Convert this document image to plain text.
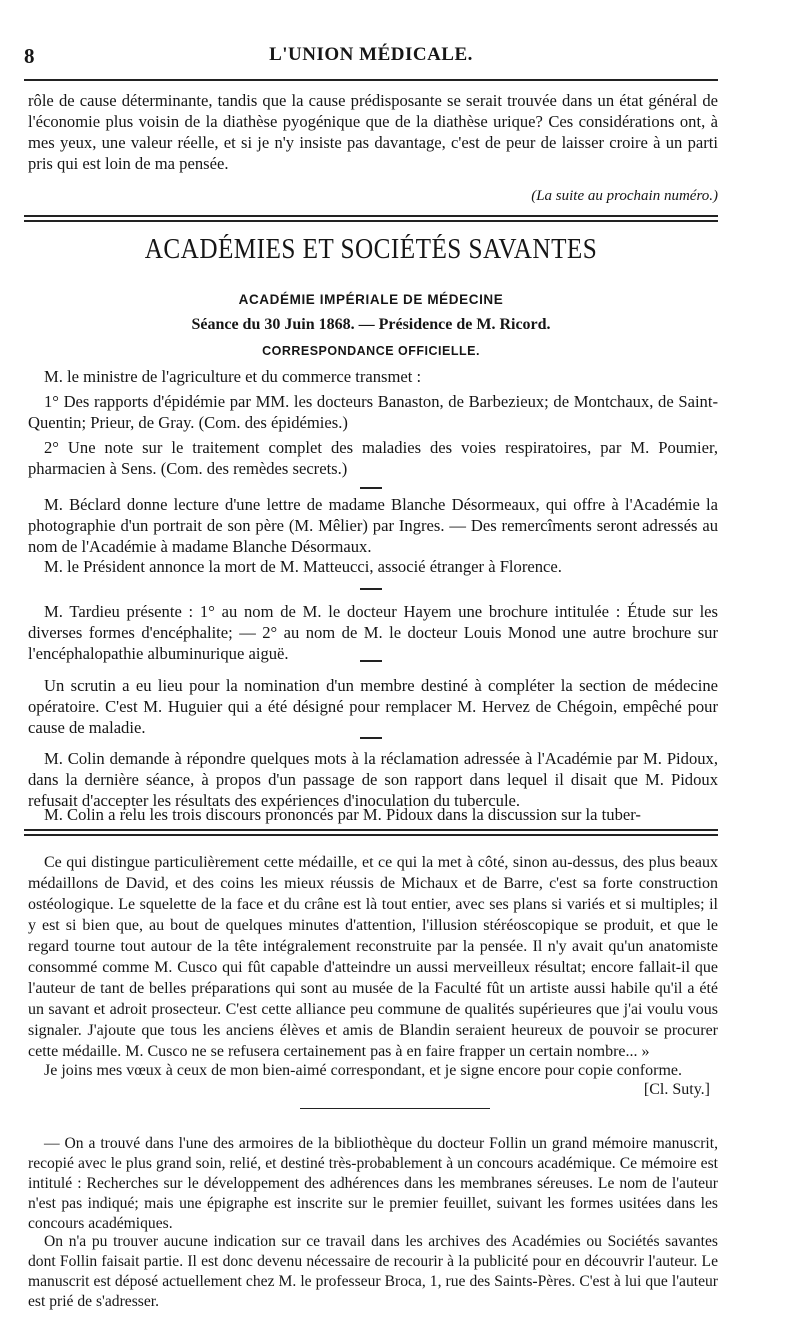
8	L'UNION MÉDICALE.

rôle de cause déterminante, tandis que la cause prédisposante se serait trouvée dans un état général de l'économie plus voisin de la diathèse pyogénique que de la diathèse urique? Ces considérations ont, à mes yeux, une valeur réelle, et si je n'y insiste pas davantage, c'est de peur de laisser croire à un parti pris qui est loin de ma pensée.

(La suite au prochain numéro.)
ACADÉMIES ET SOCIÉTÉS SAVANTES
ACADÉMIE IMPÉRIALE DE MÉDECINE
Séance du 30 Juin 1868. — Présidence de M. Ricord.
CORRESPONDANCE OFFICIELLE.

M. le ministre de l'agriculture et du commerce transmet :

1° Des rapports d'épidémie par MM. les docteurs Banaston, de Barbezieux; de Montchaux, de Saint-Quentin; Prieur, de Gray. (Com. des épidémies.)

2° Une note sur le traitement complet des maladies des voies respiratoires, par M. Poumier, pharmacien à Sens. (Com. des remèdes secrets.)

M. Béclard donne lecture d'une lettre de madame Blanche Désormeaux, qui offre à l'Académie la photographie d'un portrait de son père (M. Mêlier) par Ingres. — Des remercîments seront adressés au nom de l'Académie à madame Blanche Désormaux.

M. le Président annonce la mort de M. Matteucci, associé étranger à Florence.

M. Tardieu présente : 1° au nom de M. le docteur Hayem une brochure intitulée : Étude sur les diverses formes d'encéphalite; — 2° au nom de M. le docteur Louis Monod une autre brochure sur l'encéphalopathie albuminurique aiguë.

Un scrutin a eu lieu pour la nomination d'un membre destiné à compléter la section de médecine opératoire. C'est M. Huguier qui a été désigné pour remplacer M. Hervez de Chégoin, empêché pour cause de maladie.

M. Colin demande à répondre quelques mots à la réclamation adressée à l'Académie par M. Pidoux, dans la dernière séance, à propos d'un passage de son rapport dans lequel il disait que M. Pidoux refusait d'accepter les résultats des expériences d'inoculation du tubercule.

M. Colin a relu les trois discours prononcés par M. Pidoux dans la discussion sur la tuber-

Ce qui distingue particulièrement cette médaille, et ce qui la met à côté, sinon au-dessus, des plus beaux médaillons de David, et des coins les mieux réussis de Michaux et de Barre, c'est sa forte construction ostéologique. Le squelette de la face et du crâne est là tout entier, avec ses plans si variés et si multiples; il y est si bien que, au bout de quelques minutes d'attention, l'illusion stéréoscopique se produit, et que le regard tourne tout autour de la tête intégralement reconstruite par la pensée. Il n'y avait qu'un anatomiste consommé comme M. Cusco qui fût capable d'atteindre un aussi merveilleux résultat; encore fallait-il que l'auteur de tant de belles préparations qui sont au musée de la Faculté fût un artiste aussi habile qu'il a été un savant et adroit prosecteur. C'est cette alliance peu commune de qualités supérieures que j'ai voulu vous signaler. J'ajoute que tous les anciens élèves et amis de Blandin seraient heureux de pouvoir se procurer cette médaille. M. Cusco ne se refusera certainement pas à en faire frapper un certain nombre... »

Je joins mes vœux à ceux de mon bien-aimé correspondant, et je signe encore pour copie conforme.

[Cl. Suty.]

— On a trouvé dans l'une des armoires de la bibliothèque du docteur Follin un grand mémoire manuscrit, recopié avec le plus grand soin, relié, et destiné très-probablement à un concours académique. Ce mémoire est intitulé : Recherches sur le développement des adhérences dans les membranes séreuses. Le nom de l'auteur n'est pas indiqué; mais une épigraphe est inscrite sur le premier feuillet, suivant les formes usitées dans les concours académiques.

On n'a pu trouver aucune indication sur ce travail dans les archives des Académies ou Sociétés savantes dont Follin faisait partie. Il est donc devenu nécessaire de recourir à la publicité pour en découvrir l'auteur. Le manuscrit est déposé actuellement chez M. le professeur Broca, 1, rue des Saints-Pères. C'est à lui que l'auteur est prié de s'adresser.
